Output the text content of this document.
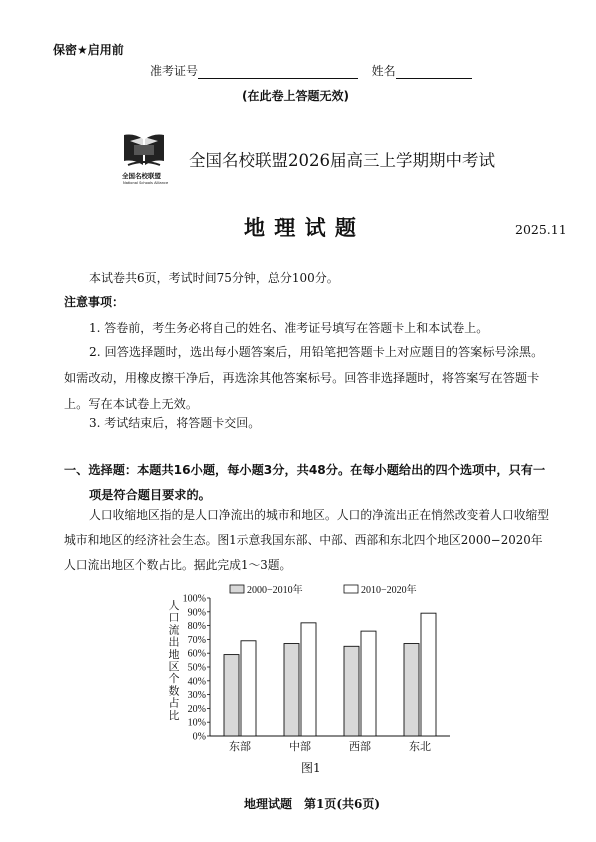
保密★启用前
准考证号	姓名
(在此卷上答题无效)
全国名校联盟
National Schools Alliance
全国名校联盟2026届高三上学期期中考试
地 理 试 题	2025.11
本试卷共6页，考试时间75分钟，总分100分。
注意事项：
1. 答卷前，考生务必将自己的姓名、准考证号填写在答题卡上和本试卷上。
2. 回答选择题时，选出每小题答案后，用铅笔把答题卡上对应题目的答案标号涂黑。如需改动，用橡皮擦干净后，再选涂其他答案标号。回答非选择题时，将答案写在答题卡上。写在本试卷上无效。
3. 考试结束后，将答题卡交回。
一、选择题：本题共16小题，每小题3分，共48分。在每小题给出的四个选项中，只有一
项是符合题目要求的。
人口收缩地区指的是人口净流出的城市和地区。人口的净流出正在悄然改变着人口收缩型城市和地区的经济社会生态。图1示意我国东部、中部、西部和东北四个地区2000−2020年人口流出地区个数占比。据此完成1～3题。
2000−2010年	2010−2020年
人
口
流
出
地
区
个
数
占
比
0%
10%
20%
30%
40%
50%
60%
70%
80%
90%
100%
东部	中部	西部	东北
图1
地理试题　第1页(共6页)
